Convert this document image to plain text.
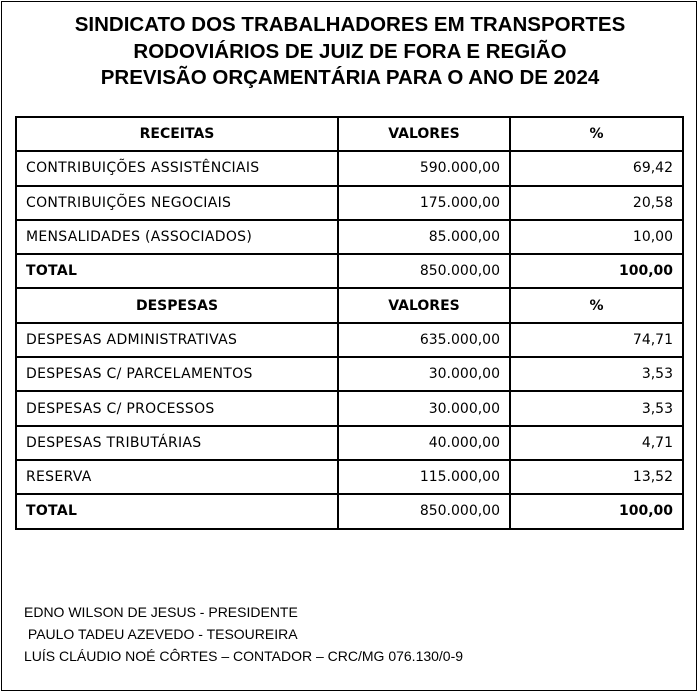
SINDICATO DOS TRABALHADORES EM TRANSPORTES
RODOVIÁRIOS DE JUIZ DE FORA E REGIÃO
PREVISÃO ORÇAMENTÁRIA PARA O ANO DE 2024
RECEITAS	VALORES	%
CONTRIBUIÇÕES ASSISTÊNCIAIS	590.000,00	69,42
CONTRIBUIÇÕES NEGOCIAIS	175.000,00	20,58
MENSALIDADES (ASSOCIADOS)	85.000,00	10,00
TOTAL	850.000,00	100,00
DESPESAS	VALORES	%
DESPESAS ADMINISTRATIVAS	635.000,00	74,71
DESPESAS C/ PARCELAMENTOS	30.000,00	3,53
DESPESAS C/ PROCESSOS	30.000,00	3,53
DESPESAS TRIBUTÁRIAS	40.000,00	4,71
RESERVA	115.000,00	13,52
TOTAL	850.000,00	100,00
EDNO WILSON DE JESUS - PRESIDENTE
PAULO TADEU AZEVEDO - TESOUREIRA
LUÍS CLÁUDIO NOÉ CÔRTES – CONTADOR – CRC/MG 076.130/0-9
